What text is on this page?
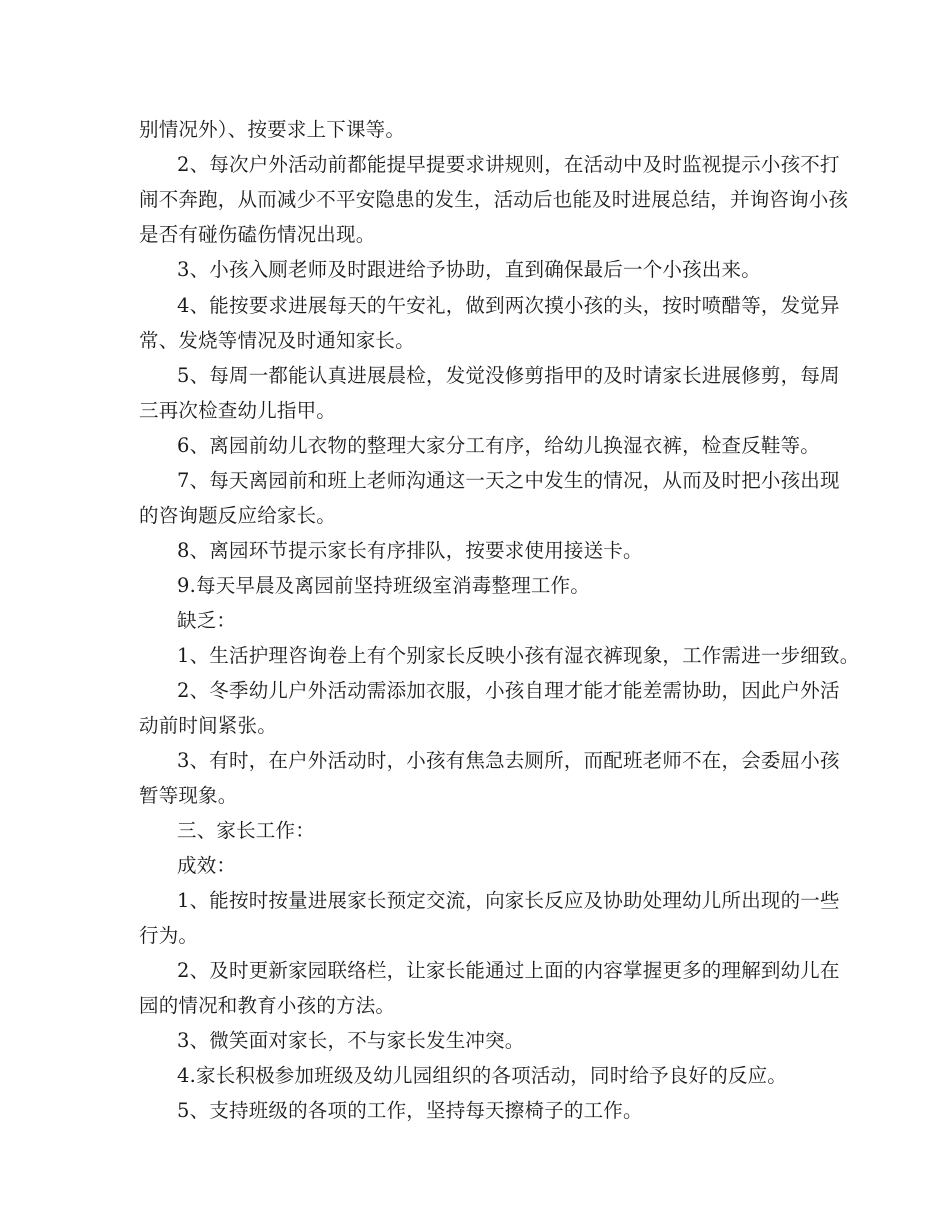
别情况外）、按要求上下课等。
2、每次户外活动前都能提早提要求讲规则，在活动中及时监视提示小孩不打
闹不奔跑，从而减少不平安隐患的发生，活动后也能及时进展总结，并询咨询小孩
是否有碰伤磕伤情况出现。
3、小孩入厕老师及时跟进给予协助，直到确保最后一个小孩出来。
4、能按要求进展每天的午安礼，做到两次摸小孩的头，按时喷醋等，发觉异
常、发烧等情况及时通知家长。
5、每周一都能认真进展晨检，发觉没修剪指甲的及时请家长进展修剪，每周
三再次检查幼儿指甲。
6、离园前幼儿衣物的整理大家分工有序，给幼儿换湿衣裤，检查反鞋等。
7、每天离园前和班上老师沟通这一天之中发生的情况，从而及时把小孩出现
的咨询题反应给家长。
8、离园环节提示家长有序排队，按要求使用接送卡。
9.每天早晨及离园前坚持班级室消毒整理工作。
缺乏：
1、生活护理咨询卷上有个别家长反映小孩有湿衣裤现象，工作需进一步细致。
2、冬季幼儿户外活动需添加衣服，小孩自理才能才能差需协助，因此户外活
动前时间紧张。
3、有时，在户外活动时，小孩有焦急去厕所，而配班老师不在，会委屈小孩
暂等现象。
三、家长工作：
成效：
1、能按时按量进展家长预定交流，向家长反应及协助处理幼儿所出现的一些
行为。
2、及时更新家园联络栏，让家长能通过上面的内容掌握更多的理解到幼儿在
园的情况和教育小孩的方法。
3、微笑面对家长，不与家长发生冲突。
4.家长积极参加班级及幼儿园组织的各项活动，同时给予良好的反应。
5、支持班级的各项的工作，坚持每天擦椅子的工作。
